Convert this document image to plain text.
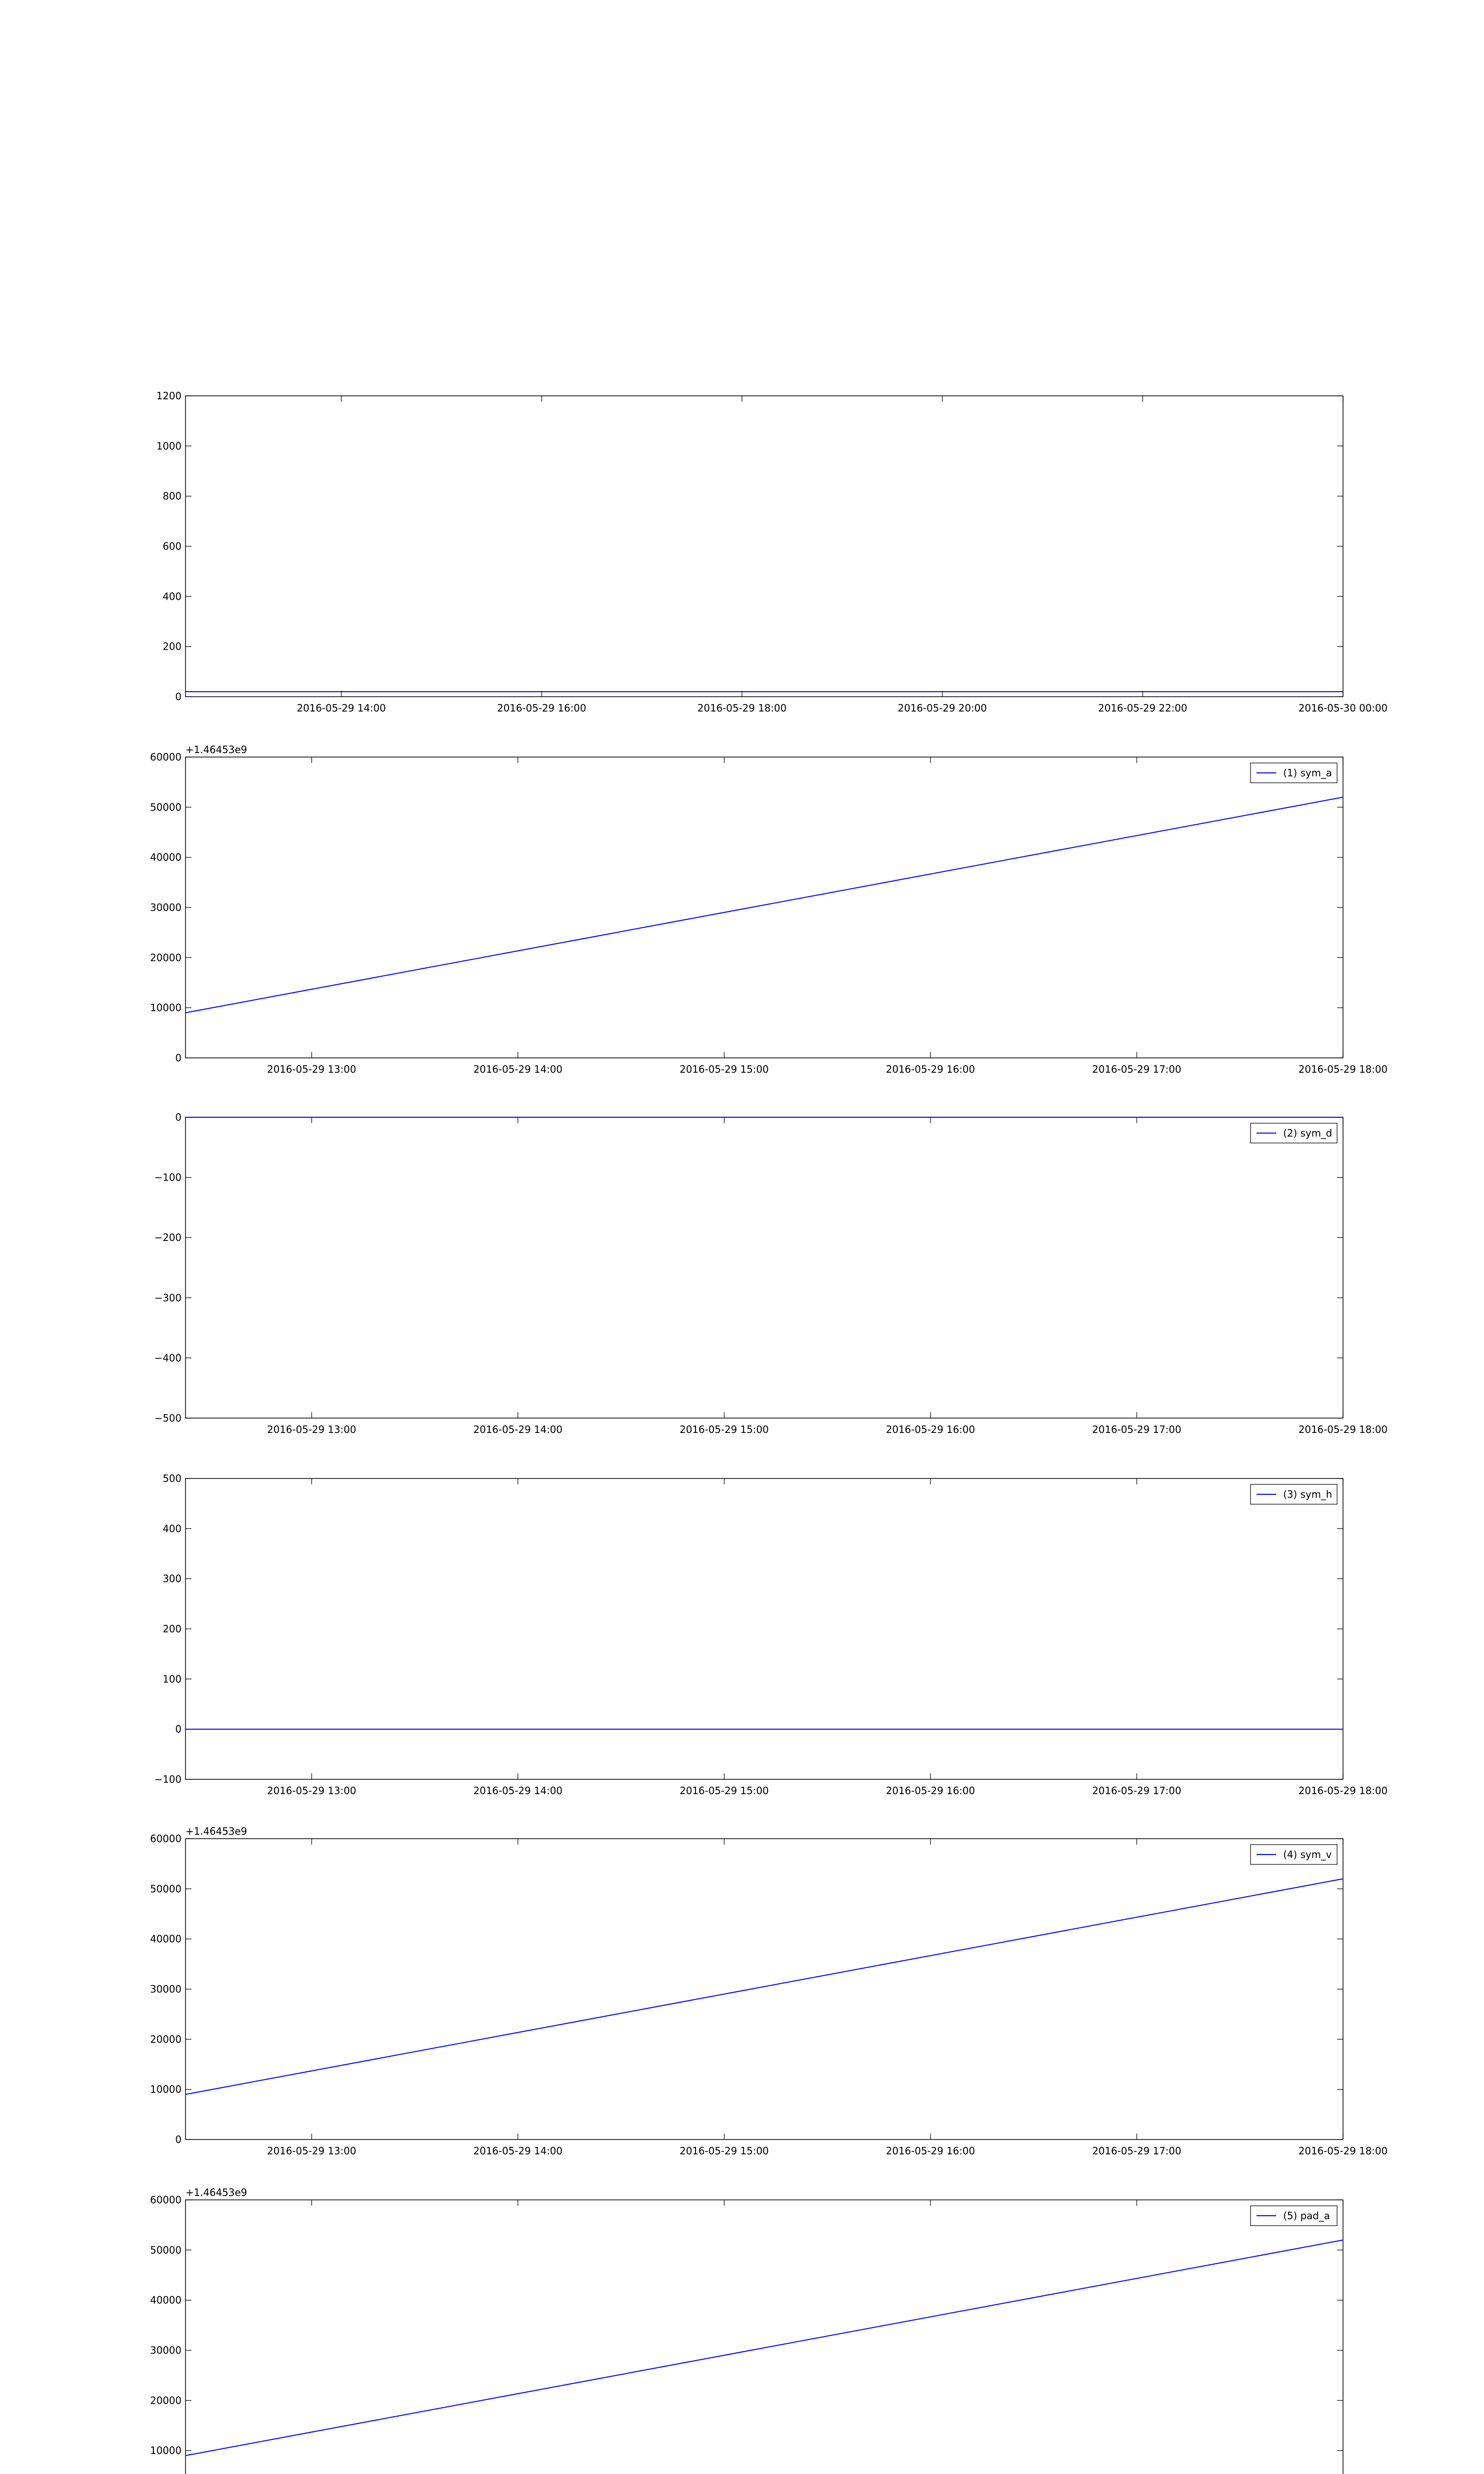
0
200
400
600
800
1000
1200
2016-05-29 14:00	2016-05-29 16:00	2016-05-29 18:00	2016-05-29 20:00	2016-05-29 22:00	2016-05-30 00:00
0
10000
20000
30000
40000
50000
60000
2016-05-29 13:00	2016-05-29 14:00	2016-05-29 15:00	2016-05-29 16:00	2016-05-29 17:00	2016-05-29 18:00
+1.46453e9
(1) sym_a
−500
−400
−300
−200
−100
0
2016-05-29 13:00	2016-05-29 14:00	2016-05-29 15:00	2016-05-29 16:00	2016-05-29 17:00	2016-05-29 18:00
(2) sym_d
−100
0
100
200
300
400
500
2016-05-29 13:00	2016-05-29 14:00	2016-05-29 15:00	2016-05-29 16:00	2016-05-29 17:00	2016-05-29 18:00
(3) sym_h
0
10000
20000
30000
40000
50000
60000
2016-05-29 13:00	2016-05-29 14:00	2016-05-29 15:00	2016-05-29 16:00	2016-05-29 17:00	2016-05-29 18:00
+1.46453e9
(4) sym_v
10000
20000
30000
40000
50000
60000
+1.46453e9
(5) pad_a
